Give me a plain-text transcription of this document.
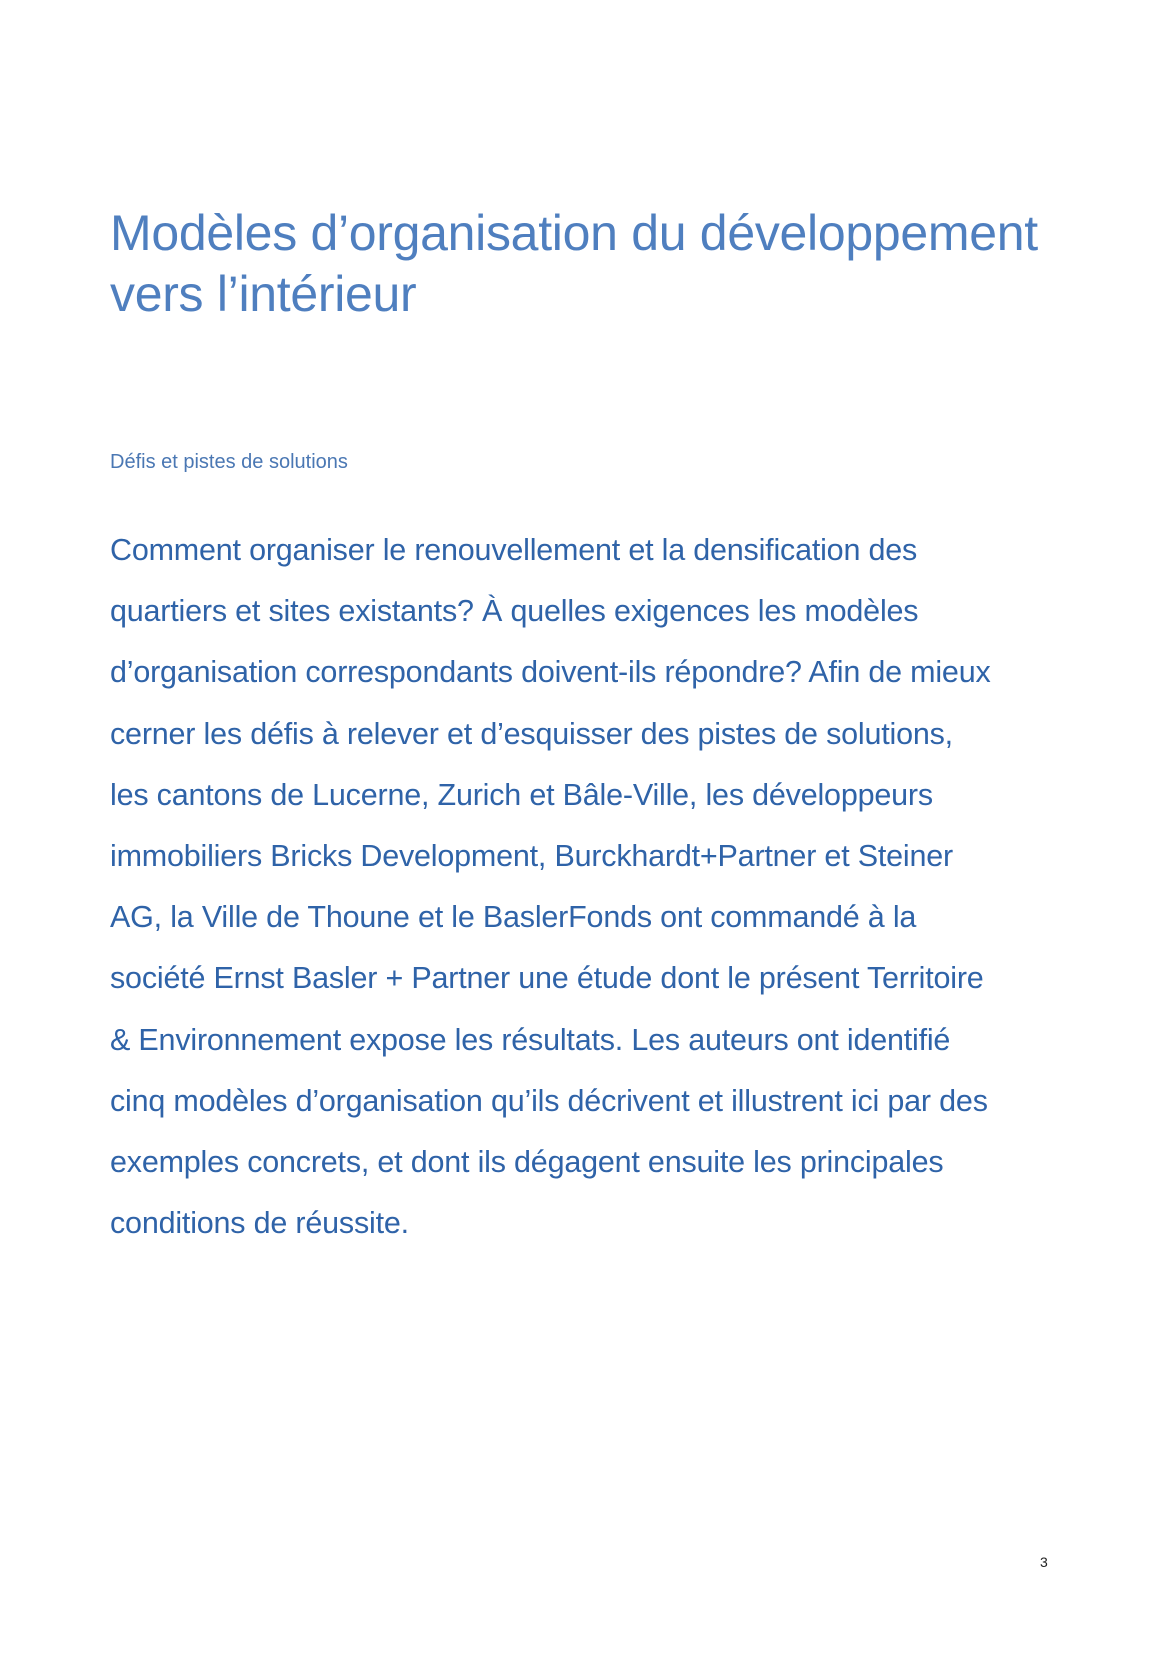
Modèles d’organisation du développement
vers l’intérieur

Défis et pistes de solutions

Comment organiser le renouvellement et la densification des
quartiers et sites existants? À quelles exigences les modèles
d’organisation correspondants doivent-ils répondre? Afin de mieux
cerner les défis à relever et d’esquisser des pistes de solutions,
les cantons de Lucerne, Zurich et Bâle-Ville, les développeurs
immobiliers Bricks Development, Burckhardt+Partner et Steiner
AG, la Ville de Thoune et le BaslerFonds ont commandé à la
société Ernst Basler + Partner une étude dont le présent Territoire
& Environnement expose les résultats. Les auteurs ont identifié
cinq modèles d’organisation qu’ils décrivent et illustrent ici par des
exemples concrets, et dont ils dégagent ensuite les principales
conditions de réussite.

3
